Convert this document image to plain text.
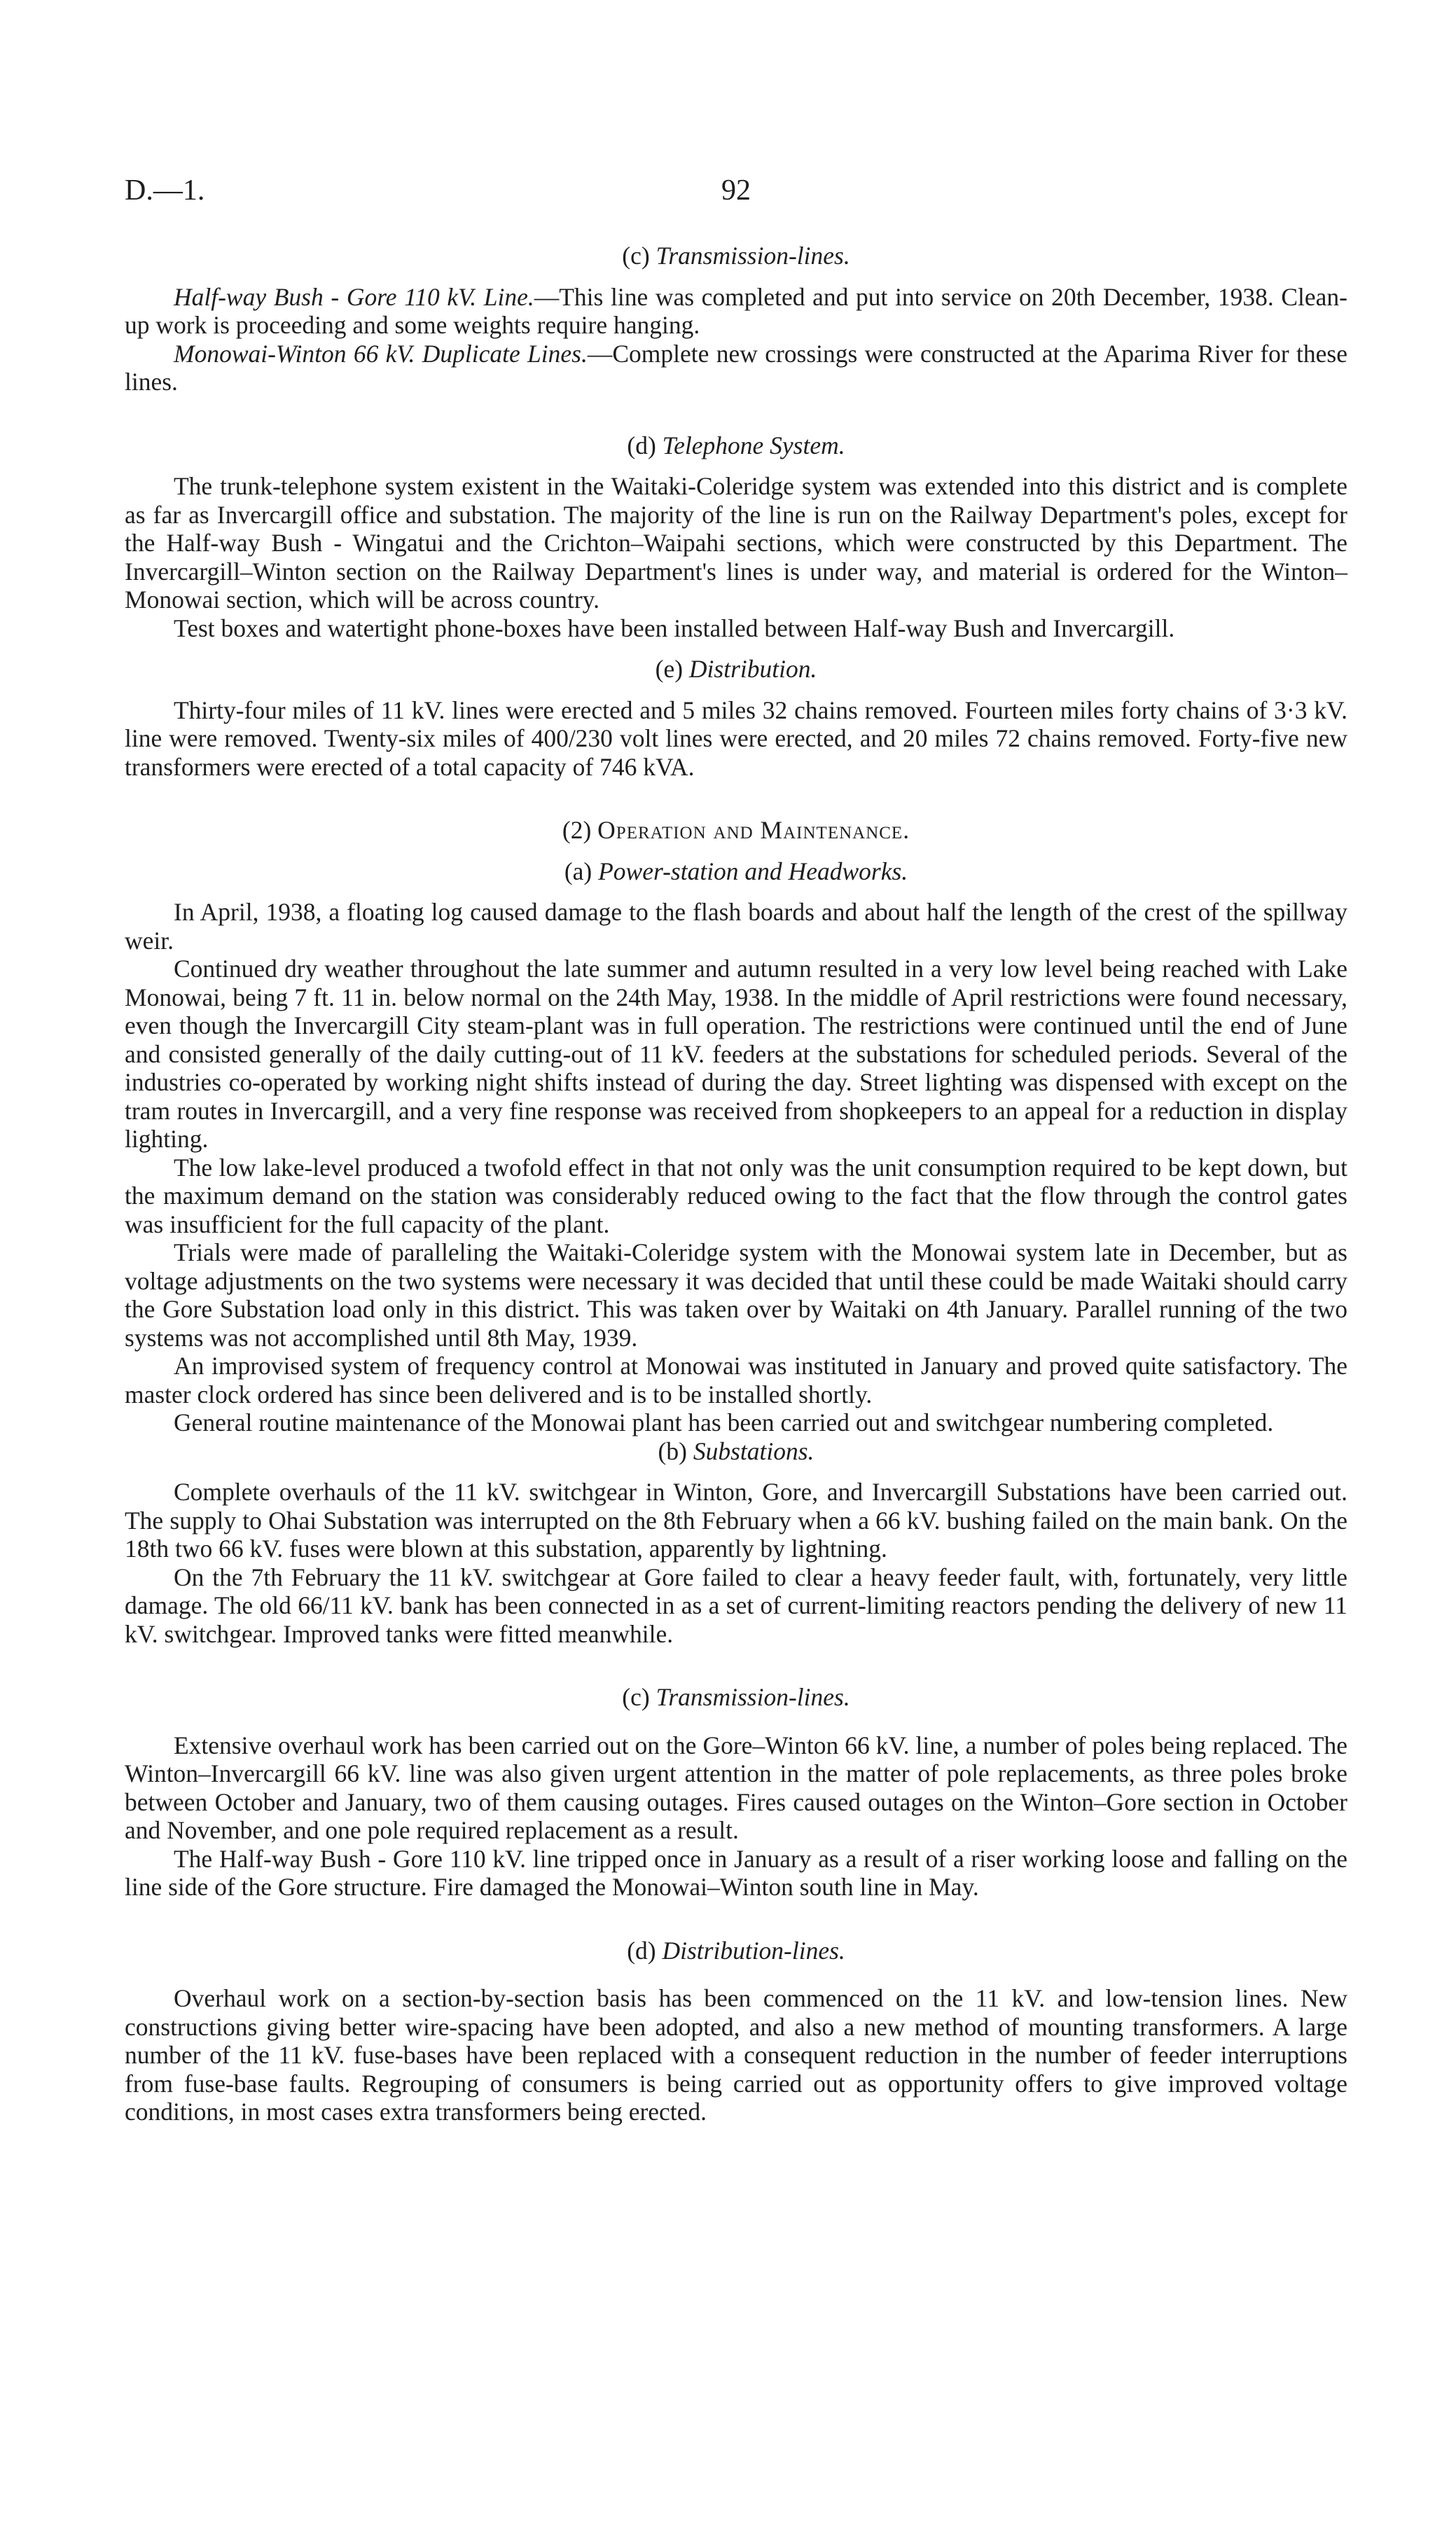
D.—1.	92
(c) Transmission-lines.

Half-way Bush - Gore 110 kV. Line.—This line was completed and put into service on 20th December, 1938. Clean-up work is proceeding and some weights require hanging.

Monowai-Winton 66 kV. Duplicate Lines.—Complete new crossings were constructed at the Aparima River for these lines.

(d) Telephone System.

The trunk-telephone system existent in the Waitaki-Coleridge system was extended into this district and is complete as far as Invercargill office and substation. The majority of the line is run on the Railway Department's poles, except for the Half-way Bush - Wingatui and the Crichton–Waipahi sections, which were constructed by this Department. The Invercargill–Winton section on the Railway Department's lines is under way, and material is ordered for the Winton–Monowai section, which will be across country.

Test boxes and watertight phone-boxes have been installed between Half-way Bush and Invercargill.

(e) Distribution.

Thirty-four miles of 11 kV. lines were erected and 5 miles 32 chains removed. Fourteen miles forty chains of 3·3 kV. line were removed. Twenty-six miles of 400/230 volt lines were erected, and 20 miles 72 chains removed. Forty-five new transformers were erected of a total capacity of 746 kVA.

(2) Operation and Maintenance.
(a) Power-station and Headworks.

In April, 1938, a floating log caused damage to the flash boards and about half the length of the crest of the spillway weir.

Continued dry weather throughout the late summer and autumn resulted in a very low level being reached with Lake Monowai, being 7 ft. 11 in. below normal on the 24th May, 1938. In the middle of April restrictions were found necessary, even though the Invercargill City steam-plant was in full operation. The restrictions were continued until the end of June and consisted generally of the daily cutting-out of 11 kV. feeders at the substations for scheduled periods. Several of the industries co-operated by working night shifts instead of during the day. Street lighting was dispensed with except on the tram routes in Invercargill, and a very fine response was received from shopkeepers to an appeal for a reduction in display lighting.

The low lake-level produced a twofold effect in that not only was the unit consumption required to be kept down, but the maximum demand on the station was considerably reduced owing to the fact that the flow through the control gates was insufficient for the full capacity of the plant.

Trials were made of paralleling the Waitaki-Coleridge system with the Monowai system late in December, but as voltage adjustments on the two systems were necessary it was decided that until these could be made Waitaki should carry the Gore Substation load only in this district. This was taken over by Waitaki on 4th January. Parallel running of the two systems was not accomplished until 8th May, 1939.

An improvised system of frequency control at Monowai was instituted in January and proved quite satisfactory. The master clock ordered has since been delivered and is to be installed shortly.

General routine maintenance of the Monowai plant has been carried out and switchgear numbering completed.

(b) Substations.

Complete overhauls of the 11 kV. switchgear in Winton, Gore, and Invercargill Substations have been carried out. The supply to Ohai Substation was interrupted on the 8th February when a 66 kV. bushing failed on the main bank. On the 18th two 66 kV. fuses were blown at this substation, apparently by lightning.

On the 7th February the 11 kV. switchgear at Gore failed to clear a heavy feeder fault, with, fortunately, very little damage. The old 66/11 kV. bank has been connected in as a set of current-limiting reactors pending the delivery of new 11 kV. switchgear. Improved tanks were fitted meanwhile.

(c) Transmission-lines.

Extensive overhaul work has been carried out on the Gore–Winton 66 kV. line, a number of poles being replaced. The Winton–Invercargill 66 kV. line was also given urgent attention in the matter of pole replacements, as three poles broke between October and January, two of them causing outages. Fires caused outages on the Winton–Gore section in October and November, and one pole required replacement as a result.

The Half-way Bush - Gore 110 kV. line tripped once in January as a result of a riser working loose and falling on the line side of the Gore structure. Fire damaged the Monowai–Winton south line in May.

(d) Distribution-lines.

Overhaul work on a section-by-section basis has been commenced on the 11 kV. and low-tension lines. New constructions giving better wire-spacing have been adopted, and also a new method of mounting transformers. A large number of the 11 kV. fuse-bases have been replaced with a consequent reduction in the number of feeder interruptions from fuse-base faults. Regrouping of consumers is being carried out as opportunity offers to give improved voltage conditions, in most cases extra transformers being erected.
